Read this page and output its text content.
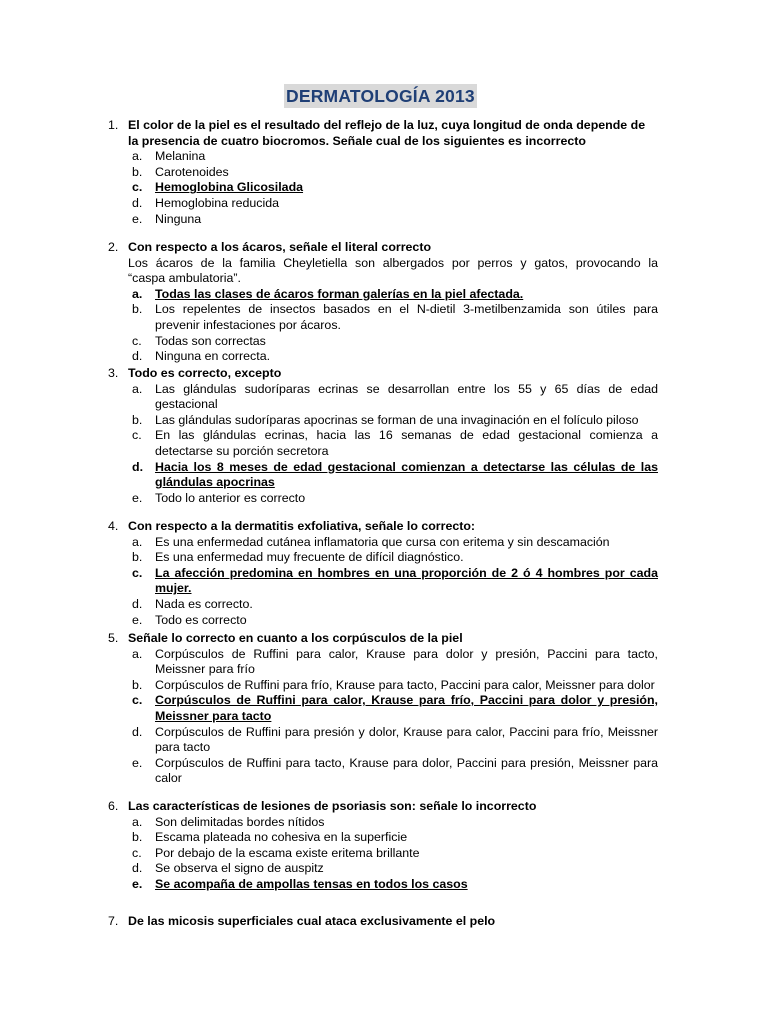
DERMATOLOGÍA 2013
1. El color de la piel es el resultado del reflejo de la luz, cuya longitud de onda depende de la presencia de cuatro biocromos. Señale cual de los siguientes es incorrecto
a. Melanina
b. Carotenoides
c. Hemoglobina Glicosilada
d. Hemoglobina reducida
e. Ninguna
2. Con respecto a los ácaros, señale el literal correcto
Los ácaros de la familia Cheyletiella son albergados por perros y gatos, provocando la
“caspa ambulatoria”.
a. Todas las clases de ácaros forman galerías en la piel afectada.
b. Los repelentes de insectos basados en el N-dietil 3-metilbenzamida son útiles para prevenir infestaciones por ácaros.
c. Todas son correctas
d. Ninguna en correcta.
3. Todo es correcto, excepto
a. Las glándulas sudoríparas ecrinas se desarrollan entre los 55 y 65 días de edad gestacional
b. Las glándulas sudoríparas apocrinas se forman de una invaginación en el folículo piloso
c. En las glándulas ecrinas, hacia las 16 semanas de edad gestacional comienza a detectarse su porción secretora
d. Hacia los 8 meses de edad gestacional comienzan a detectarse las células de las glándulas apocrinas
e. Todo lo anterior es correcto
4. Con respecto a la dermatitis exfoliativa, señale lo correcto:
a. Es una enfermedad cutánea inflamatoria que cursa con eritema y sin descamación
b. Es una enfermedad muy frecuente de difícil diagnóstico.
c. La afección predomina en hombres en una proporción de 2 ó 4 hombres por cada mujer.
d. Nada es correcto.
e. Todo es correcto
5. Señale lo correcto en cuanto a los corpúsculos de la piel
a. Corpúsculos de Ruffini para calor, Krause para dolor y presión, Paccini para tacto, Meissner para frío
b. Corpúsculos de Ruffini para frío, Krause para tacto, Paccini para calor, Meissner para dolor
c. Corpúsculos de Ruffini para calor, Krause para frío, Paccini para dolor y presión, Meissner para tacto
d. Corpúsculos de Ruffini para presión y dolor, Krause para calor, Paccini para frío, Meissner para tacto
e. Corpúsculos de Ruffini para tacto, Krause para dolor, Paccini para presión, Meissner para calor
6. Las características de lesiones de psoriasis son: señale lo incorrecto
a. Son delimitadas bordes nítidos
b. Escama plateada no cohesiva en la superficie
c. Por debajo de la escama existe eritema brillante
d. Se observa el signo de auspitz
e. Se acompaña de ampollas tensas en todos los casos
7. De las micosis superficiales cual ataca exclusivamente el pelo
